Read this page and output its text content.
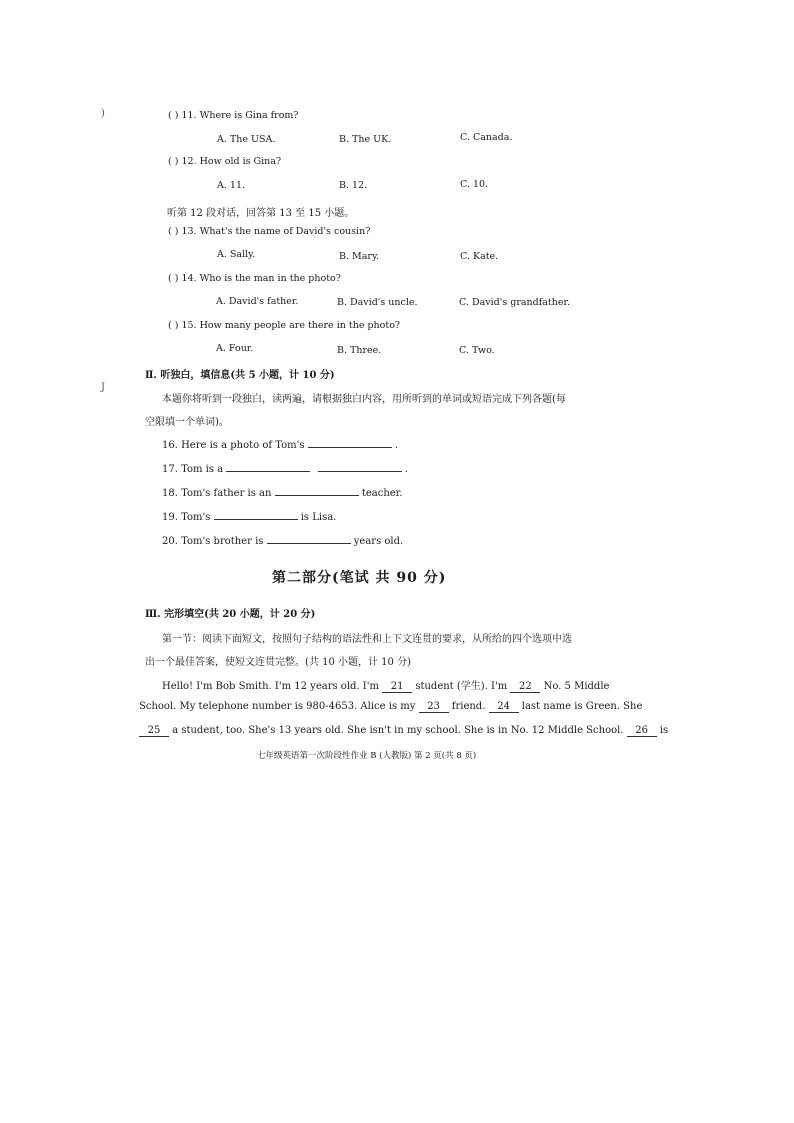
)
J
( ) 11. Where is Gina from?
A. The USA.	B. The UK.	C. Canada.
( ) 12. How old is Gina?
A. 11.	B. 12.	C. 10.
听第 12 段对话，回答第 13 至 15 小题。
( ) 13. What's the name of David's cousin?
A. Sally.	B. Mary.	C. Kate.
( ) 14. Who is the man in the photo?
A. David's father.	B. David's uncle.	C. David's grandfather.
( ) 15. How many people are there in the photo?
A. Four.	B. Three.	C. Two.
Ⅱ. 听独白，填信息(共 5 小题，计 10 分)
本题你将听到一段独白，读两遍，请根据独白内容，用所听到的单词或短语完成下列各题(每
空限填一个单词)。
16. Here is a photo of Tom's	.
17. Tom is a	.
18. Tom's father is an	teacher.
19. Tom's	is Lisa.
20. Tom's brother is	years old.
第二部分(笔试 共 90 分)
Ⅲ. 完形填空(共 20 小题，计 20 分)
第一节：阅读下面短文，按照句子结构的语法性和上下文连贯的要求，从所给的四个选项中选
出一个最佳答案，使短文连贯完整。(共 10 小题，计 10 分)
Hello! I'm Bob Smith. I'm 12 years old. I'm 21 student (学生). I'm 22 No. 5 Middle
School. My telephone number is 980-4653. Alice is my 23 friend. 24 last name is Green. She
25 a student, too. She's 13 years old. She isn't in my school. She is in No. 12 Middle School. 26 is
七年级英语第一次阶段性作业 B (人教版) 第 2 页(共 8 页)
